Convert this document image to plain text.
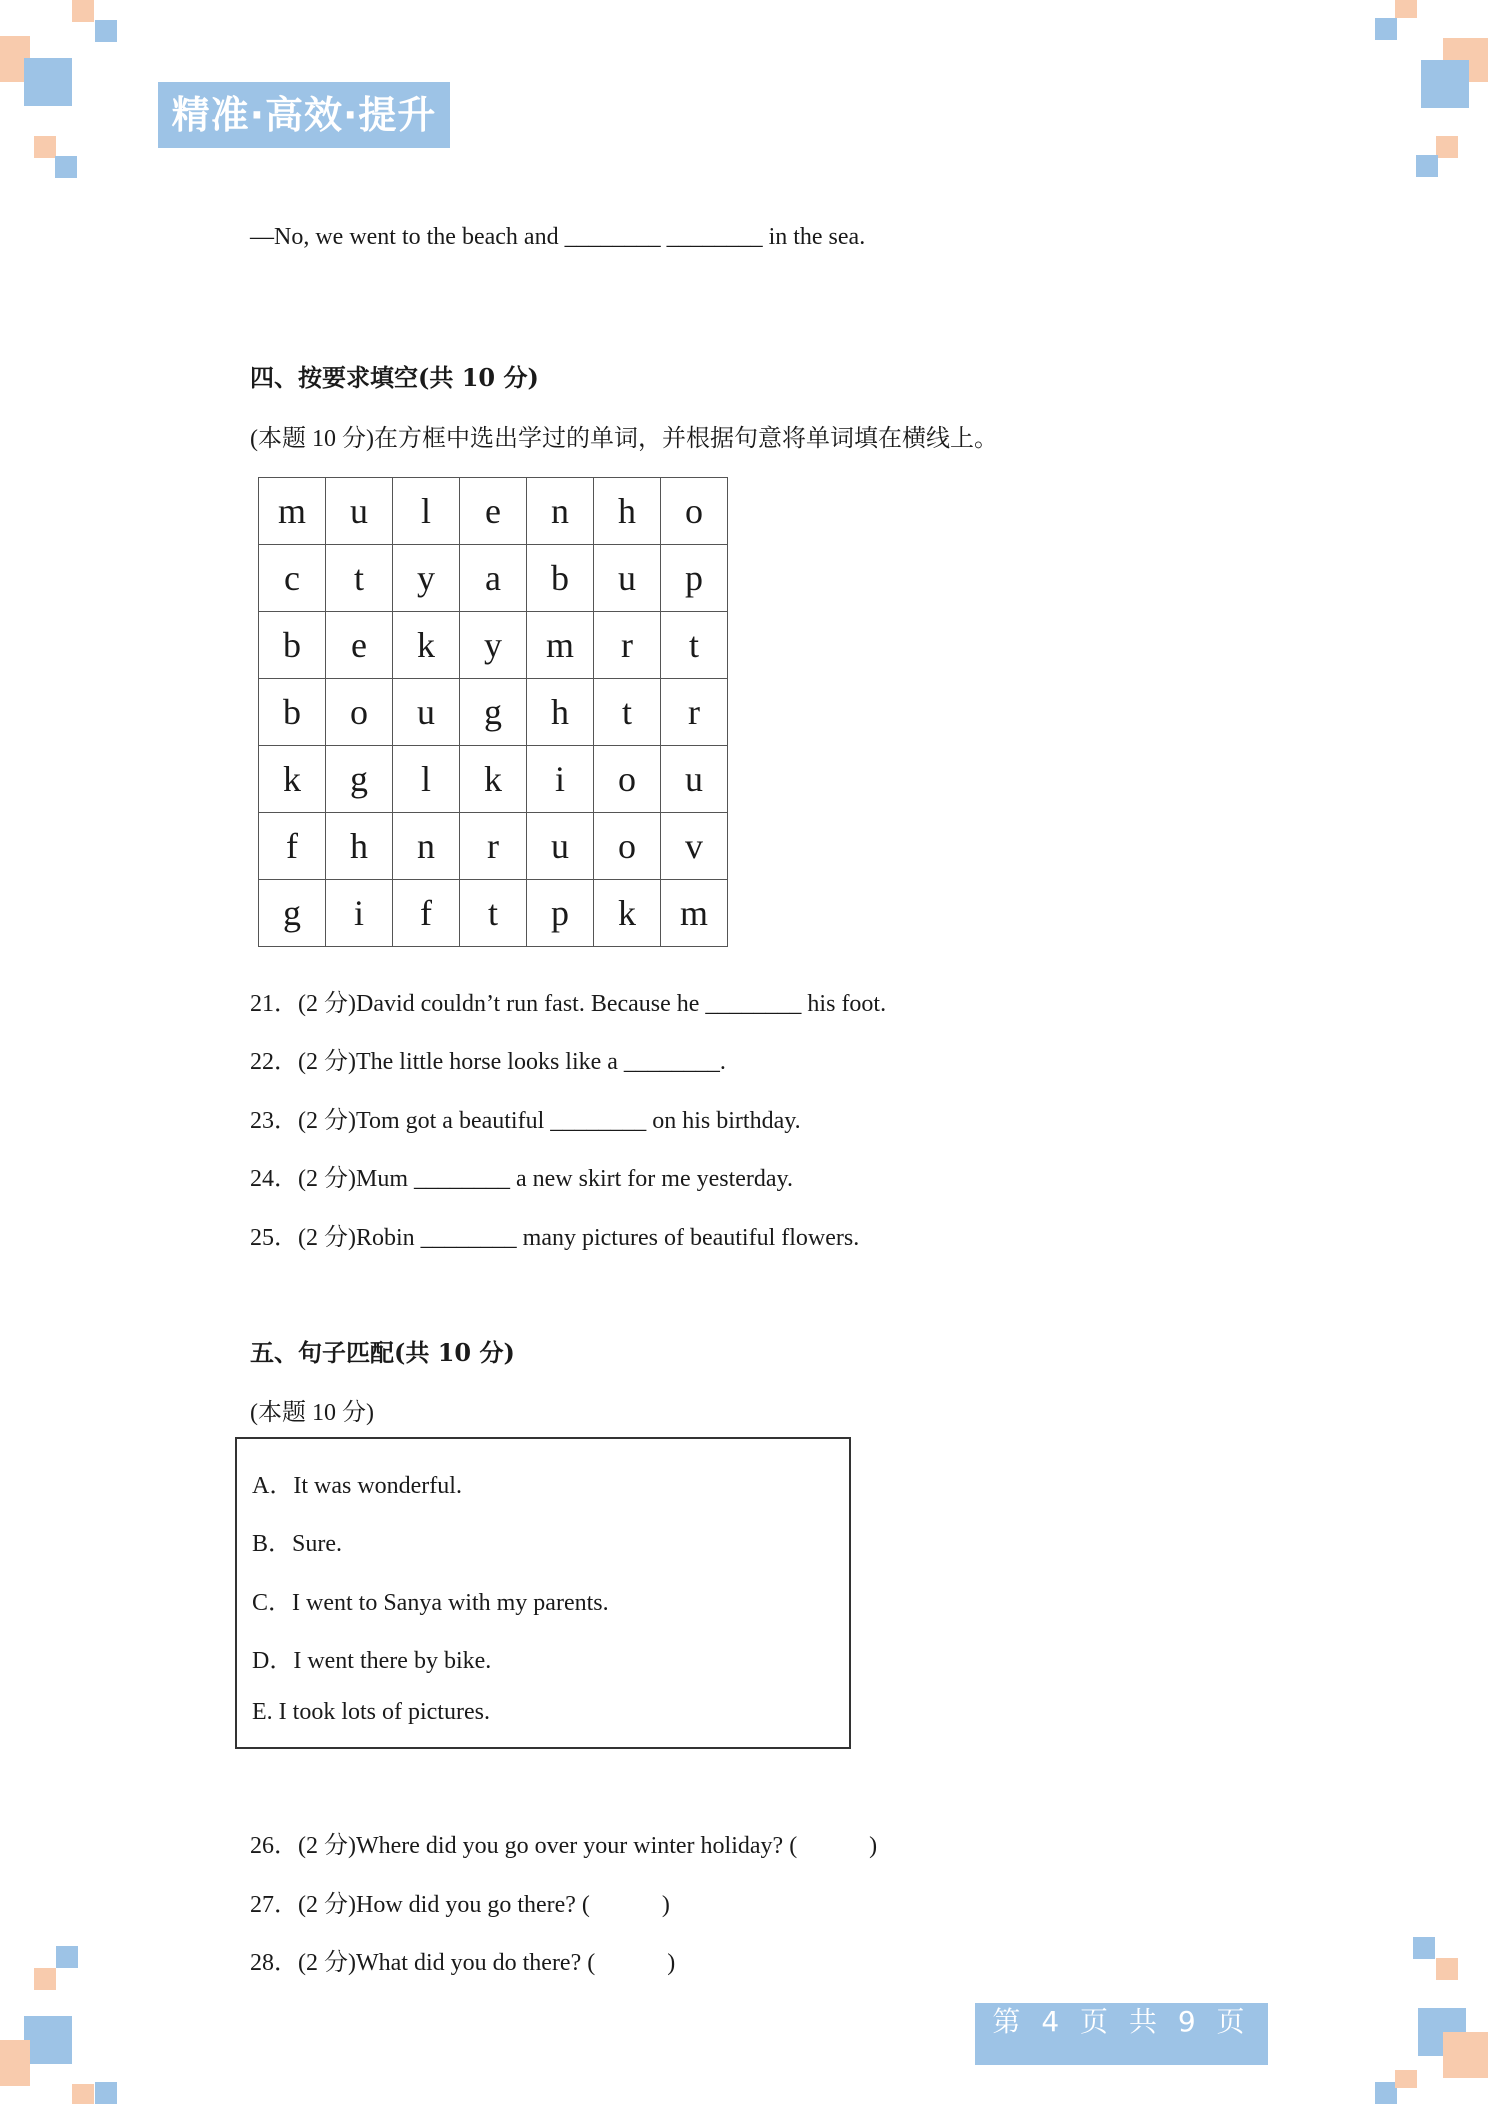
精准·高效·提升
—No, we went to the beach and ________ ________ in the sea.
四、按要求填空(共 10 分)
(本题 10 分)在方框中选出学过的单词，并根据句意将单词填在横线上。
m	u	l	e	n	h	o
c	t	y	a	b	u	p
b	e	k	y	m	r	t
b	o	u	g	h	t	r
k	g	l	k	i	o	u
f	h	n	r	u	o	v
g	i	f	t	p	k	m
21．(2 分)David couldn’t run fast. Because he ________ his foot.
22．(2 分)The little horse looks like a ________.
23．(2 分)Tom got a beautiful ________ on his birthday.
24．(2 分)Mum ________ a new skirt for me yesterday.
25．(2 分)Robin ________ many pictures of beautiful flowers.
五、句子匹配(共 10 分)
(本题 10 分)
A．It was wonderful.
B．Sure.
C．I went to Sanya with my parents.
D．I went there by bike.
E. I took lots of pictures.
26．(2 分)Where did you go over your winter holiday? (            )
27．(2 分)How did you go there? (            )
28．(2 分)What did you do there? (            )
第 4 页 共 9 页
